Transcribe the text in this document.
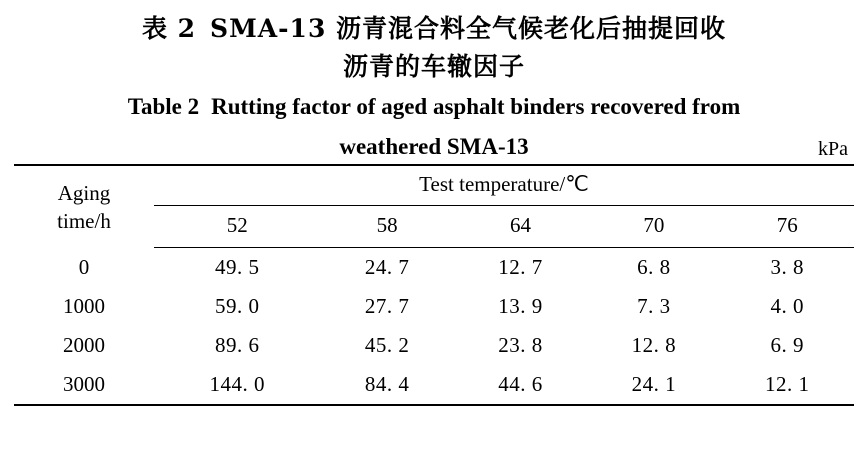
表 2 SMA-13 沥青混合料全气候老化后抽提回收
沥青的车辙因子
Table 2 Rutting factor of aged asphalt binders recovered from
weathered SMA-13	kPa
Aging
time/h	Test temperature/℃				
	52	58	64	70	76
0	49. 5	24. 7	12. 7	6. 8	3. 8
1000	59. 0	27. 7	13. 9	7. 3	4. 0
2000	89. 6	45. 2	23. 8	12. 8	6. 9
3000	144. 0	84. 4	44. 6	24. 1	12. 1
